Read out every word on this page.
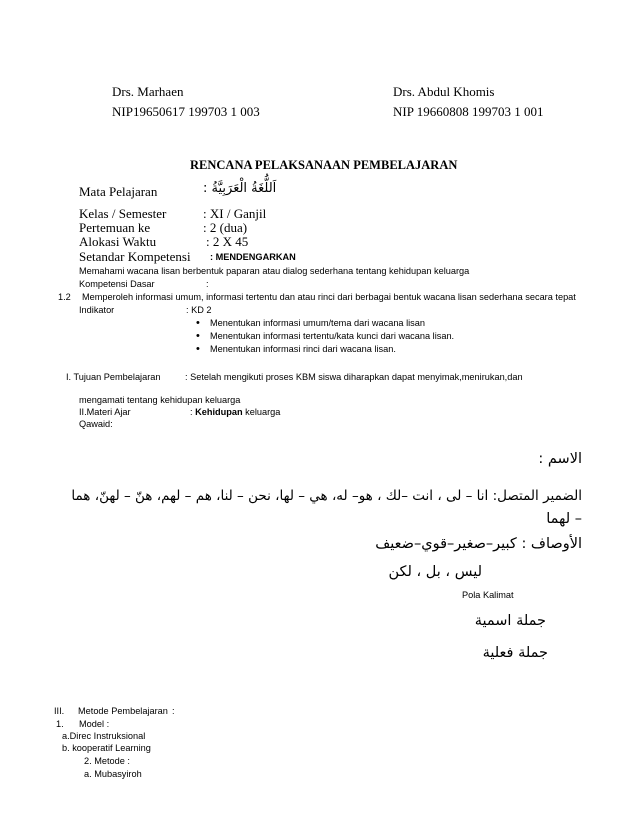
Drs. Marhaen
NIP19650617 199703 1 003
Drs. Abdul Khomis
NIP 19660808 199703 1 001
RENCANA PELAKSANAAN PEMBELAJARAN
Mata Pelajaran	: اَللُّغَةُ الْعَرَبِيَّةُ
Kelas / Semester	: XI / Ganjil
Pertemuan ke	: 2 (dua)
Alokasi Waktu	: 2 X 45
Setandar Kompetensi : MENDENGARKAN
Memahami wacana lisan berbentuk paparan atau dialog sederhana tentang kehidupan keluarga
Kompetensi Dasar	:
1.2 Memperoleh informasi umum, informasi tertentu dan atau rinci dari berbagai bentuk wacana lisan sederhana secara tepat
Indikator	: KD 2
• Menentukan informasi umum/tema dari wacana lisan
• Menentukan informasi tertentu/kata kunci dari wacana lisan.
• Menentukan informasi rinci dari wacana lisan.
I. Tujuan Pembelajaran	: Setelah mengikuti proses KBM siswa diharapkan dapat menyimak,menirukan,dan
mengamati tentang kehidupan keluarga
II.Materi Ajar	: Kehidupan keluarga
Qawaid:
الاسم :
الضمير المتصل: انا – لى ، انت –لك ، هو– له، هي – لها، نحن – لنا، هم – لهم، هنّ – لهنّ، هما
– لهما
الأوصاف : كبير–صغير–قوي–ضعيف
ليس ، بل ، لكن
Pola Kalimat
جملة اسمية
جملة فعلية
III. Metode Pembelajaran :
1. Model :
a.Direc Instruksional
b. kooperatif Learning
2. Metode :
a. Mubasyiroh
